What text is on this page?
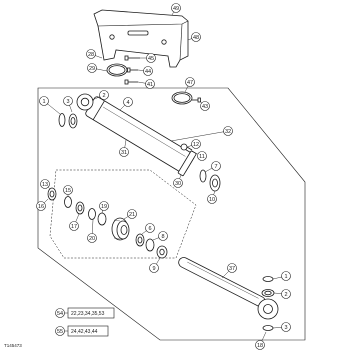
49
48
28
29
45
44
41	47
43
1	3
2
4
32
31
12
11
30
7
10
13
15
16
17
19
20
21
6
8
9	37
1
2
3
18
54 22,23,34,35,53
55 24,42,43,44
T145473
